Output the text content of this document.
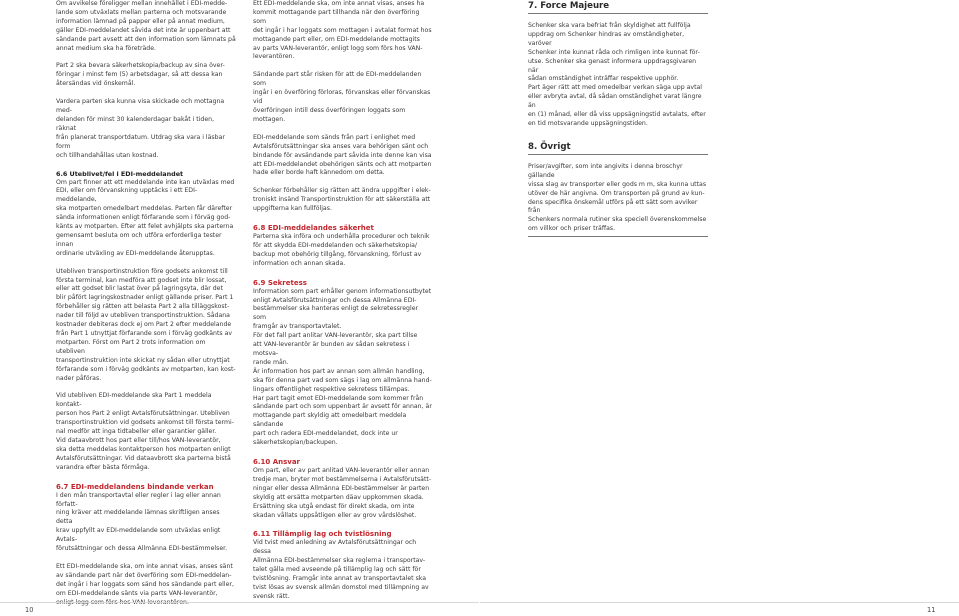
Om avvikelse föreligger mellan innehållet i EDI-medde-
lande som utväxlats mellan parterna och motsvarande
information lämnad på papper eller på annat medium,
gäller EDI-meddelandet såvida det inte är uppenbart att
sändande part avsett att den information som lämnats på
annat medium ska ha företräde.

Part 2 ska bevara säkerhetskopia/backup av sina över-
föringar i minst fem (5) arbetsdagar, så att dessa kan
återsändas vid önskemål.

Vardera parten ska kunna visa skickade och mottagna med-
delanden för minst 30 kalenderdagar bakåt i tiden, räknat
från planerat transportdatum. Utdrag ska vara i läsbar form
och tillhandahållas utan kostnad.

6.6 Uteblivet/fel i EDI-meddelandet

Om part finner att ett meddelande inte kan utväxlas med
EDI, eller om förvanskning upptäcks i ett EDI-meddelande,
ska motparten omedelbart meddelas. Parten får därefter
sända informationen enligt förfarande som i förväg god-
känts av motparten. Efter att felet avhjälpts ska parterna
gemensamt besluta om och utföra erforderliga tester innan
ordinarie utväxling av EDI-meddelande återupptas.

Utebliven transportinstruktion före godsets ankomst till
första terminal, kan medföra att godset inte blir lossat,
eller att godset blir lastat över på lagringsyta, där det
blir påfört lagringskostnader enligt gällande priser. Part 1
förbehåller sig rätten att belasta Part 2 alla tilläggskost-
nader till följd av utebliven transportinstruktion. Sådana
kostnader debiteras dock ej om Part 2 efter meddelande
från Part 1 utnyttjat förfarande som i förväg godkänts av
motparten. Först om Part 2 trots information om utebliven
transportinstruktion inte skickat ny sådan eller utnyttjat
förfarande som i förväg godkänts av motparten, kan kost-
nader påföras.

Vid utebliven EDI-meddelande ska Part 1 meddela kontakt-
person hos Part 2 enligt Avtalsförutsättningar. Utebliven
transportinstruktion vid godsets ankomst till första termi-
nal medför att inga tidtabeller eller garantier gäller.
Vid dataavbrott hos part eller till/hos VAN-leverantör,
ska detta meddelas kontaktperson hos motparten enligt
Avtalsförutsättningar. Vid dataavbrott ska parterna bistå
varandra efter bästa förmåga.

6.7 EDI-meddelandens bindande verkan

I den mån transportavtal eller regler i lag eller annan författ-
ning kräver att meddelande lämnas skriftligen anses detta
krav uppfyllt av EDI-meddelande som utväxlas enligt Avtals-
förutsättningar och dessa Allmänna EDI-bestämmelser.

Ett EDI-meddelande ska, om inte annat visas, anses sänt
av sändande part när det överföring som EDI-meddelan-
det ingår i har loggats som sänd hos sändande part eller,
om EDI-meddelande sänts via parts VAN-leverantör,
enligt logg som förs hos VAN-leverantören.

Ett EDI-meddelande ska, om inte annat visas, anses ha
kommit mottagande part tillhanda när den överföring som
det ingår i har loggats som mottagen i avtalat format hos
mottagande part eller, om EDI-meddelande mottagits
av parts VAN-leverantör, enligt logg som förs hos VAN-
leverantören.

Sändande part står risken för att de EDI-meddelanden som
ingår i en överföring förloras, förvanskas eller förvanskas vid
överföringen intill dess överföringen loggats som mottagen.

EDI-meddelande som sänds från part i enlighet med
Avtalsförutsättningar ska anses vara behörigen sänt och
bindande för avsändande part såvida inte denne kan visa
att EDI-meddelandet obehörigen sänts och att motparten
hade eller borde haft kännedom om detta.

Schenker förbehåller sig rätten att ändra uppgifter i elek-
troniskt insänd Transportinstruktion för att säkerställa att
uppgifterna kan fullföljas.

6.8 EDI-meddelandes säkerhet

Parterna ska införa och underhålla procedurer och teknik
för att skydda EDI-meddelanden och säkerhetskopia/
backup mot obehörig tillgång, förvanskning, förlust av
information och annan skada.

6.9 Sekretess

Information som part erhåller genom informationsutbytet
enligt Avtalsförutsättningar och dessa Allmänna EDI-
bestämmelser ska hanteras enligt de sekretessregler som
framgår av transportavtalet.
För det fall part anlitar VAN-leverantör, ska part tillse
att VAN-leverantör är bunden av sådan sekretess i motsva-
rande mån.
Är information hos part av annan som allmän handling,
ska för denna part vad som sägs i lag om allmänna hand-
lingars offentlighet respektive sekretess tillämpas.
Har part tagit emot EDI-meddelande som kommer från
sändande part och som uppenbart är avsett för annan, är
mottagande part skyldig att omedelbart meddela sändande
part och radera EDI-meddelandet, dock inte ur
säkerhetskopian/backupen.

6.10 Ansvar

Om part, eller av part anlitad VAN-leverantör eller annan
tredje man, bryter mot bestämmelserna i Avtalsförutsätt-
ningar eller dessa Allmänna EDI-bestämmelser är parten
skyldig att ersätta motparten däav uppkommen skada.
Ersättning ska utgå endast för direkt skada, om inte
skadan vållats uppsåtligen eller av grov vårdslöshet.

6.11 Tillämplig lag och tvistlösning

Vid tvist med anledning av Avtalsförutsättningar och dessa
Allmänna EDI-bestämmelser ska reglerna i transportav-
talet gälla med avseende på tillämplig lag och sätt för
tvistlösning. Framgår inte annat av transportavtalet ska
tvist lösas av svensk allmän domstol med tillämpning av
svensk rätt.

7. Force Majeure

Schenker ska vara befriat från skyldighet att fullfölja
uppdrag om Schenker hindras av omständigheter, varöver
Schenker inte kunnat råda och rimligen inte kunnat för-
utse. Schenker ska genast informera uppdragsgivaren när
sådan omständighet inträffar respektive upphör.
Part äger rätt att med omedelbar verkan säga upp avtal
eller avbryta avtal, då sådan omständighet varat längre än
en (1) månad, eller då viss uppsägningstid avtalats, efter
en tid motsvarande uppsägningstiden.

8. Övrigt

Priser/avgifter, som inte angivits i denna broschyr gällande
vissa slag av transporter eller gods m m, ska kunna uttas
utöver de här angivna. Om transporten på grund av kun-
dens specifika önskemål utförs på ett sätt som avviker från
Schenkers normala rutiner ska speciell överenskommelse
om villkor och priser träffas.

10	11
